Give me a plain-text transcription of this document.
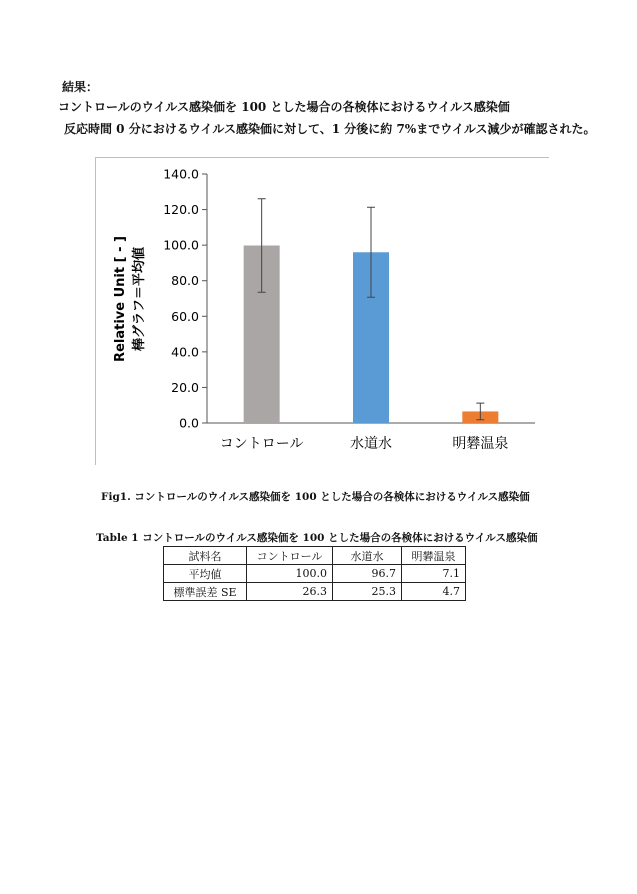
結果：
コントロールのウイルス感染価を 100 とした場合の各検体におけるウイルス感染価
反応時間 0 分におけるウイルス感染価に対して、1 分後に約 7%までウイルス減少が確認された。
0.0
20.0
40.0
60.0
80.0
100.0
120.0
140.0
コントロール	水道水	明礬温泉
Relative Unit [ - ] 棒グラフ＝平均値
Fig1. コントロールのウイルス感染価を 100 とした場合の各検体におけるウイルス感染価
Table 1 コントロールのウイルス感染価を 100 とした場合の各検体におけるウイルス感染価
試料名	コントロール	水道水	明礬温泉
平均値	100.0	96.7	7.1
標準誤差 SE	26.3	25.3	4.7
